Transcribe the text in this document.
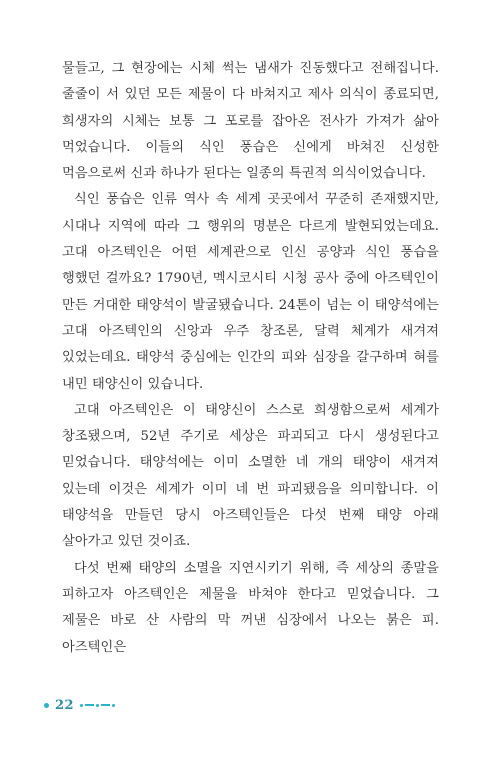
물들고, 그 현장에는 시체 썩는 냄새가 진동했다고 전해집니다. 줄줄이 서 있던 모든 제물이 다 바쳐지고 제사 의식이 종료되면, 희생자의 시체는 보통 그 포로를 잡아온 전사가 가져가 삶아 먹었습니다. 이들의 식인 풍습은 신에게 바쳐진 신성한 먹음으로써 신과 하나가 된다는 일종의 특권적 의식이었습니다.

식인 풍습은 인류 역사 속 세계 곳곳에서 꾸준히 존재했지만, 시대나 지역에 따라 그 행위의 명분은 다르게 발현되었는데요. 고대 아즈텍인은 어떤 세계관으로 인신 공양과 식인 풍습을 행했던 걸까요? 1790년, 멕시코시티 시청 공사 중에 아즈텍인이 만든 거대한 태양석이 발굴됐습니다. 24톤이 넘는 이 태양석에는 고대 아즈텍인의 신앙과 우주 창조론, 달력 체계가 새겨져 있었는데요. 태양석 중심에는 인간의 피와 심장을 갈구하며 혀를 내민 태양신이 있습니다.

고대 아즈텍인은 이 태양신이 스스로 희생함으로써 세계가 창조됐으며, 52년 주기로 세상은 파괴되고 다시 생성된다고 믿었습니다. 태양석에는 이미 소멸한 네 개의 태양이 새겨져 있는데 이것은 세계가 이미 네 번 파괴됐음을 의미합니다. 이 태양석을 만들던 당시 아즈텍인들은 다섯 번째 태양 아래 살아가고 있던 것이죠.

다섯 번째 태양의 소멸을 지연시키기 위해, 즉 세상의 종말을 피하고자 아즈텍인은 제물을 바쳐야 한다고 믿었습니다. 그 제물은 바로 산 사람의 막 꺼낸 심장에서 나오는 붉은 피. 아즈텍인은

22
